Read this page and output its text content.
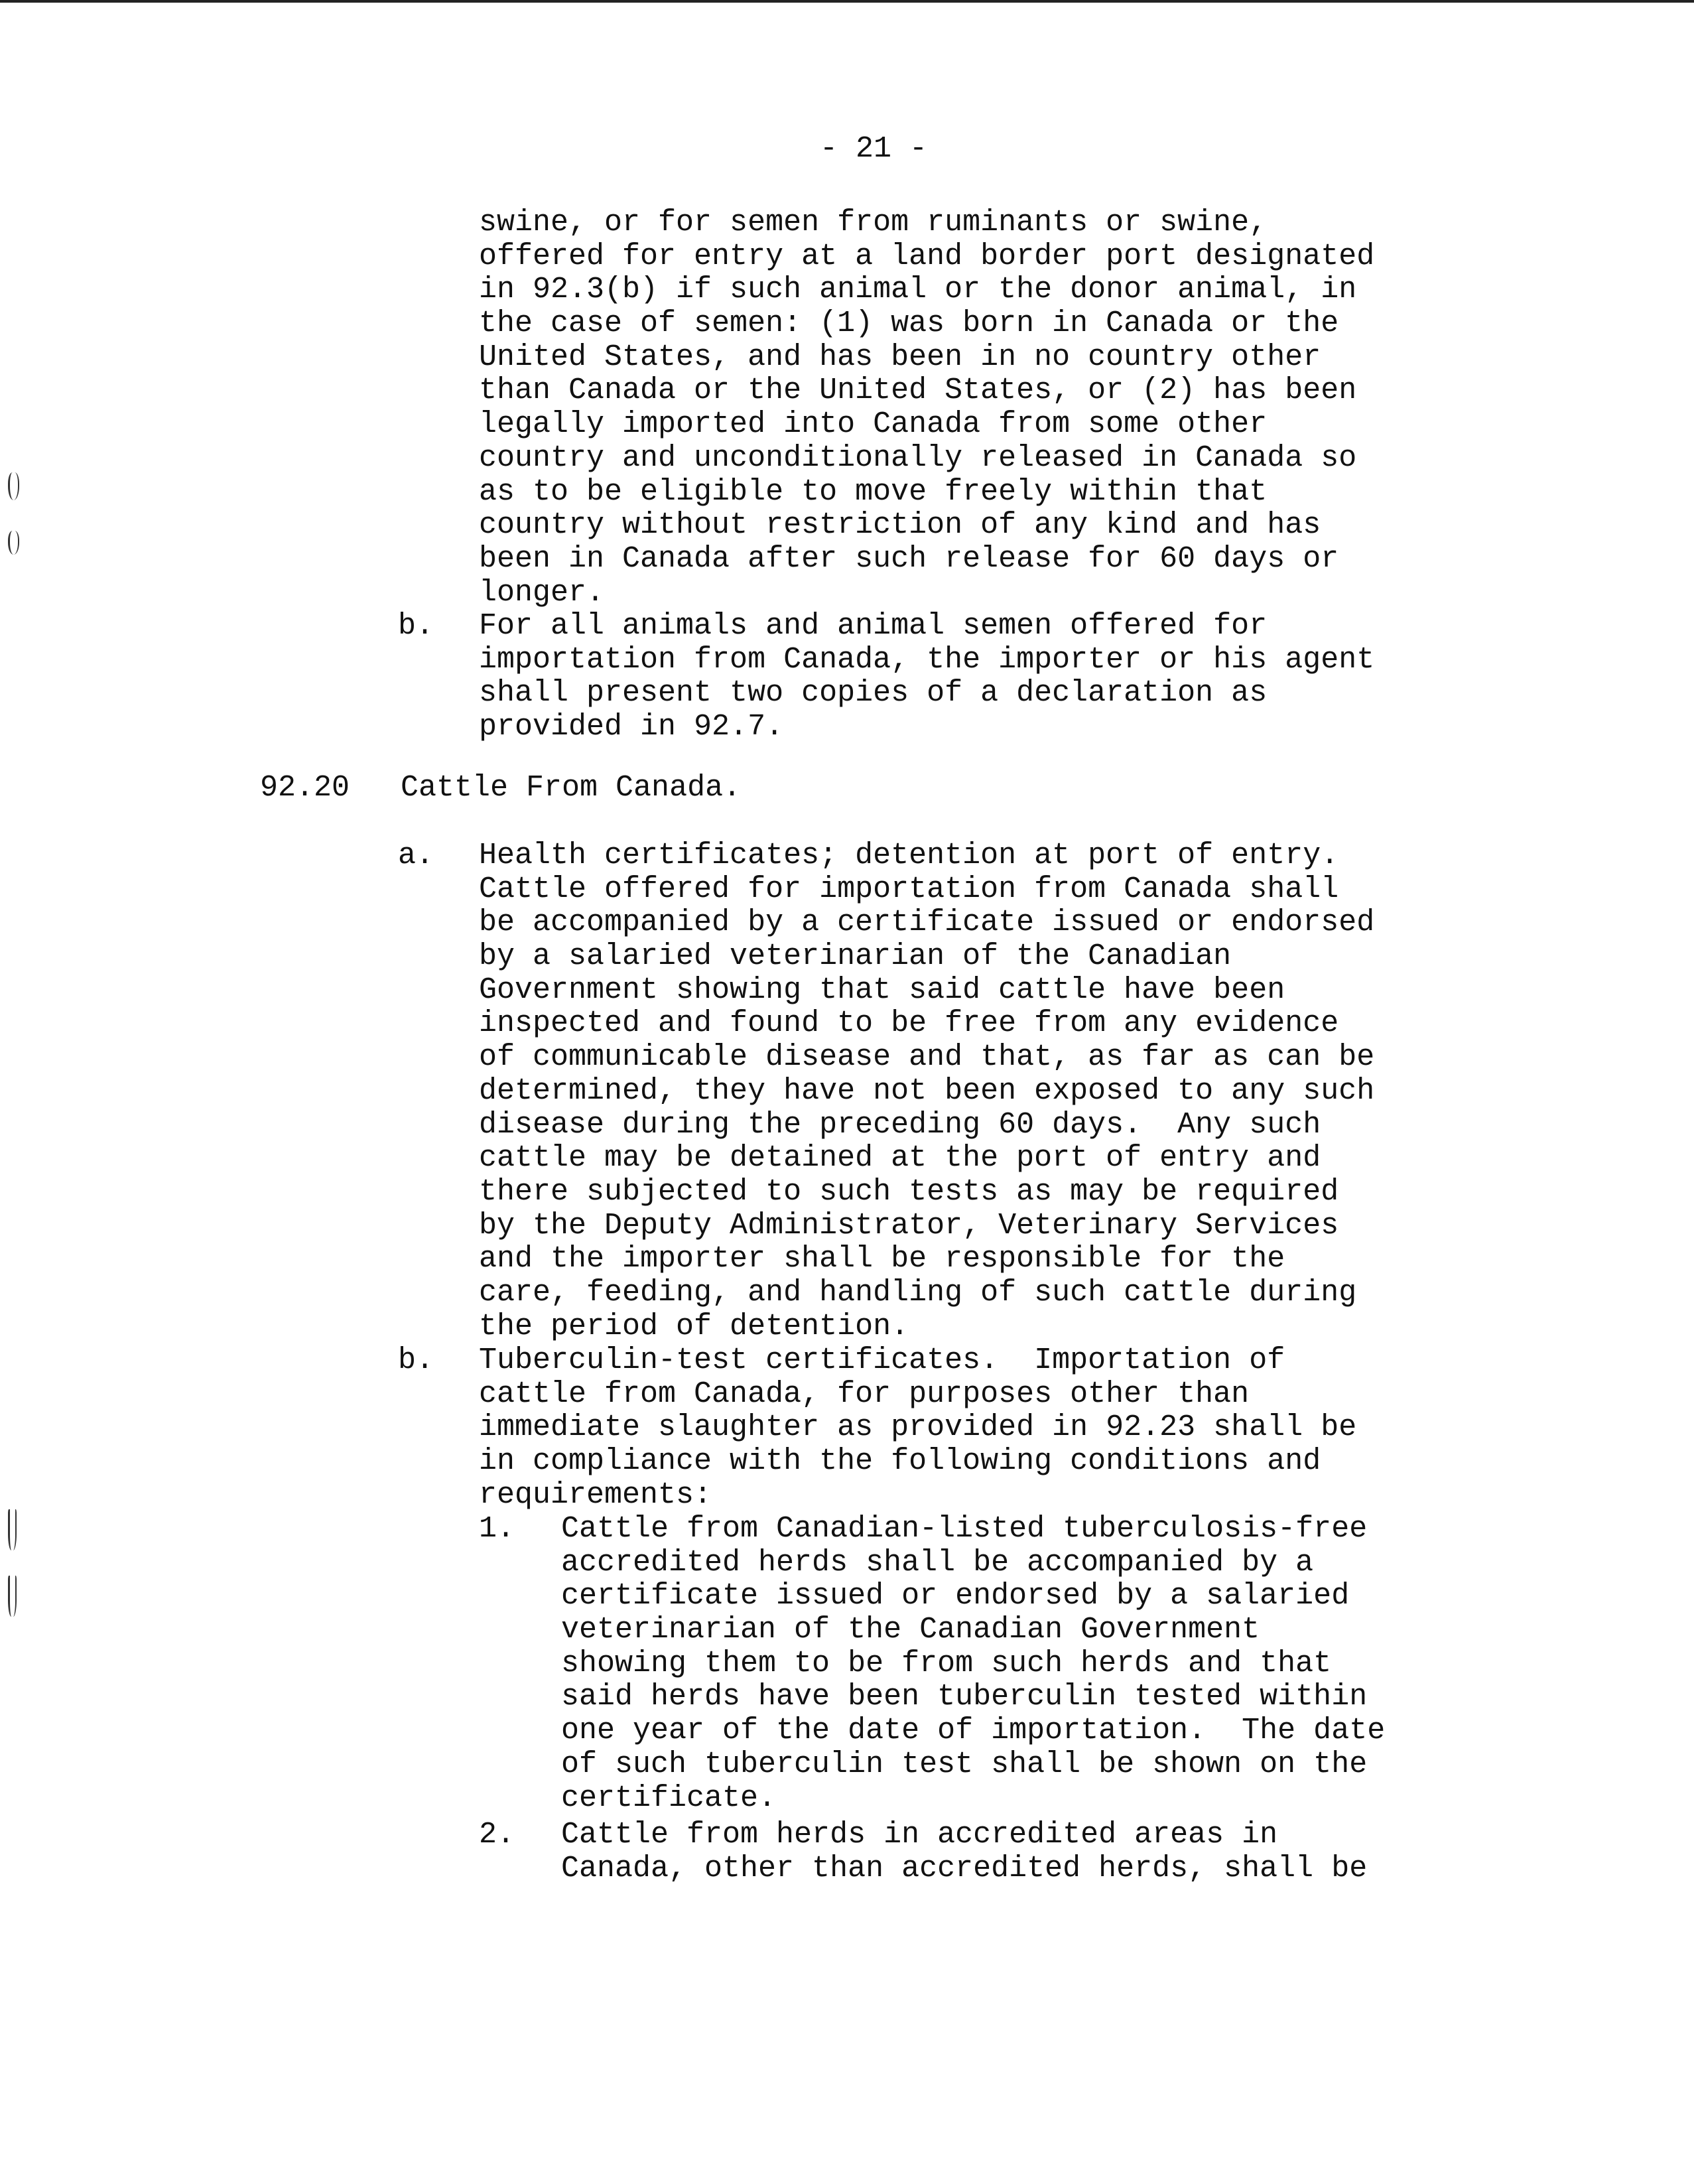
- 21 -
swine, or for semen from ruminants or swine,
offered for entry at a land border port designated
in 92.3(b) if such animal or the donor animal, in
the case of semen: (1) was born in Canada or the
United States, and has been in no country other
than Canada or the United States, or (2) has been
legally imported into Canada from some other
country and unconditionally released in Canada so
as to be eligible to move freely within that
country without restriction of any kind and has
been in Canada after such release for 60 days or
longer.
b. For all animals and animal semen offered for
importation from Canada, the importer or his agent
shall present two copies of a declaration as
provided in 92.7.
92.20 Cattle From Canada.
a. Health certificates; detention at port of entry.
Cattle offered for importation from Canada shall
be accompanied by a certificate issued or endorsed
by a salaried veterinarian of the Canadian
Government showing that said cattle have been
inspected and found to be free from any evidence
of communicable disease and that, as far as can be
determined, they have not been exposed to any such
disease during the preceding 60 days.  Any such
cattle may be detained at the port of entry and
there subjected to such tests as may be required
by the Deputy Administrator, Veterinary Services
and the importer shall be responsible for the
care, feeding, and handling of such cattle during
the period of detention.
b. Tuberculin-test certificates.  Importation of
cattle from Canada, for purposes other than
immediate slaughter as provided in 92.23 shall be
in compliance with the following conditions and
requirements:
1. Cattle from Canadian-listed tuberculosis-free
accredited herds shall be accompanied by a
certificate issued or endorsed by a salaried
veterinarian of the Canadian Government
showing them to be from such herds and that
said herds have been tuberculin tested within
one year of the date of importation.  The date
of such tuberculin test shall be shown on the
certificate.
2. Cattle from herds in accredited areas in
Canada, other than accredited herds, shall be
